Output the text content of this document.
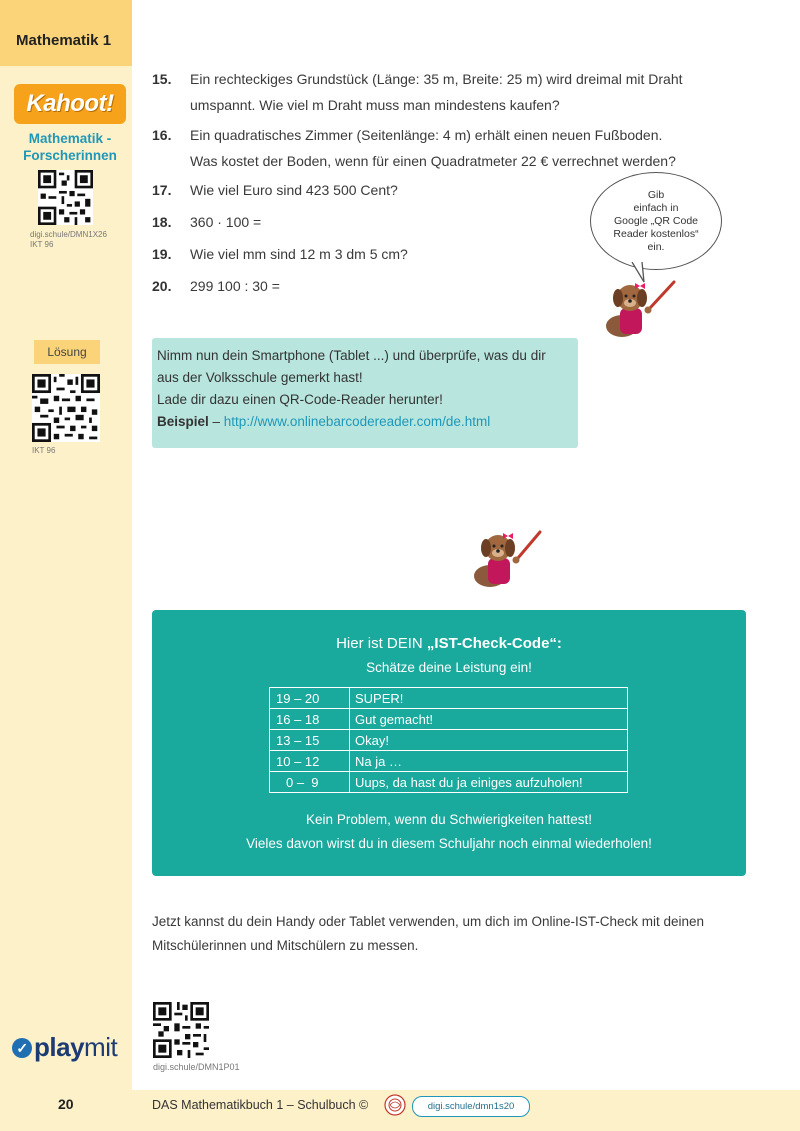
Mathematik 1
Kahoot!
Mathematik -
Forscherinnen
digi.schule/DMN1X26
IKT 96
Lösung
IKT 96
✓ playmit
15. Ein rechteckiges Grundstück (Länge: 35 m, Breite: 25 m) wird dreimal mit Draht
umspannt. Wie viel m Draht muss man mindestens kaufen?
16. Ein quadratisches Zimmer (Seitenlänge: 4 m) erhält einen neuen Fußboden.
Was kostet der Boden, wenn für einen Quadratmeter 22 € verrechnet werden?
17. Wie viel Euro sind 423 500 Cent?
18. 360 · 100 =
19. Wie viel mm sind 12 m 3 dm 5 cm?
20. 299 100 : 30 =
Gib
einfach in
Google „QR Code
Reader kostenlos“
ein.
Nimm nun dein Smartphone (Tablet ...) und überprüfe, was du dir
aus der Volksschule gemerkt hast!
Lade dir dazu einen QR-Code-Reader herunter!
Beispiel – http://www.onlinebarcodereader.com/de.html
Hier ist DEIN „IST-Check-Code“:
Schätze deine Leistung ein!
19 – 20	SUPER!
16 – 18	Gut gemacht!
13 – 15	Okay!
10 – 12	Na ja …
0 –  9	Uups, da hast du ja einiges aufzuholen!
Kein Problem, wenn du Schwierigkeiten hattest!
Vieles davon wirst du in diesem Schuljahr noch einmal wiederholen!
Jetzt kannst du dein Handy oder Tablet verwenden, um dich im Online-IST-Check mit deinen
Mitschülerinnen und Mitschülern zu messen.
digi.schule/DMN1P01
20	DAS Mathematikbuch 1 – Schulbuch ©	digi.schule/dmn1s20
